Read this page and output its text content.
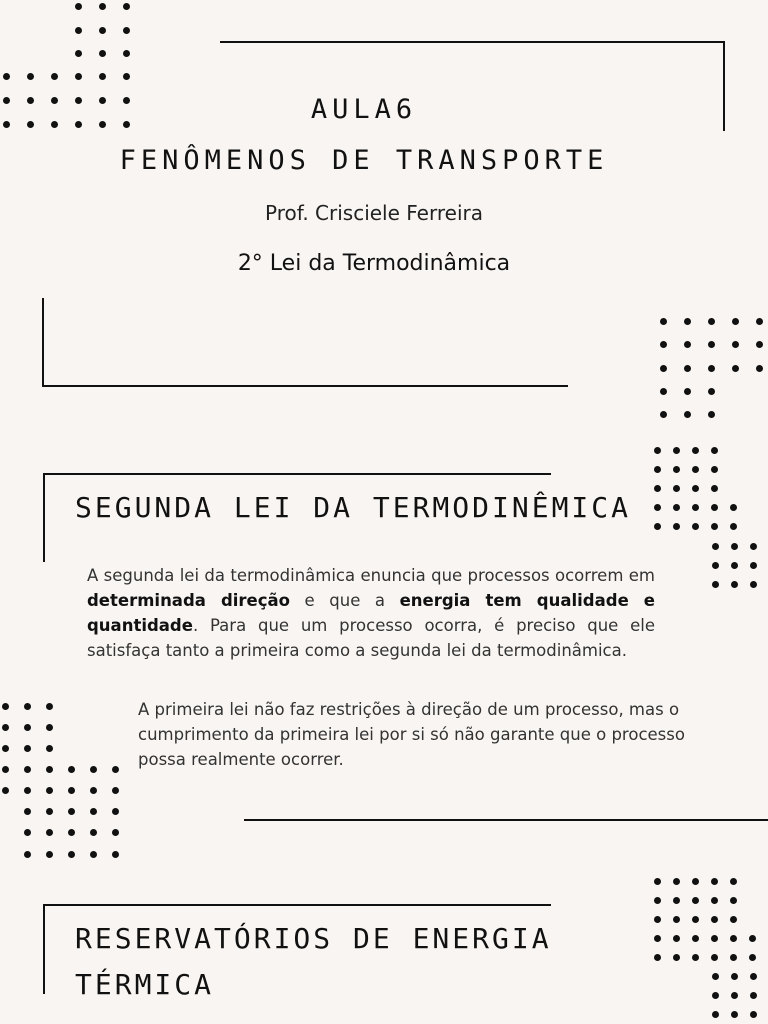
AULA6
FENÔMENOS DE TRANSPORTE
Prof. Crisciele Ferreira
2° Lei da Termodinâmica
SEGUNDA LEI DA TERMODINÊMICA

A segunda lei da termodinâmica enuncia que processos ocorrem em determinada direção e que a energia tem qualidade e quantidade. Para que um processo ocorra, é preciso que ele satisfaça tanto a primeira como a segunda lei da termodinâmica.

A primeira lei não faz restrições à direção de um processo, mas o cumprimento da primeira lei por si só não garante que o processo possa realmente ocorrer.

RESERVATÓRIOS DE ENERGIA
TÉRMICA
